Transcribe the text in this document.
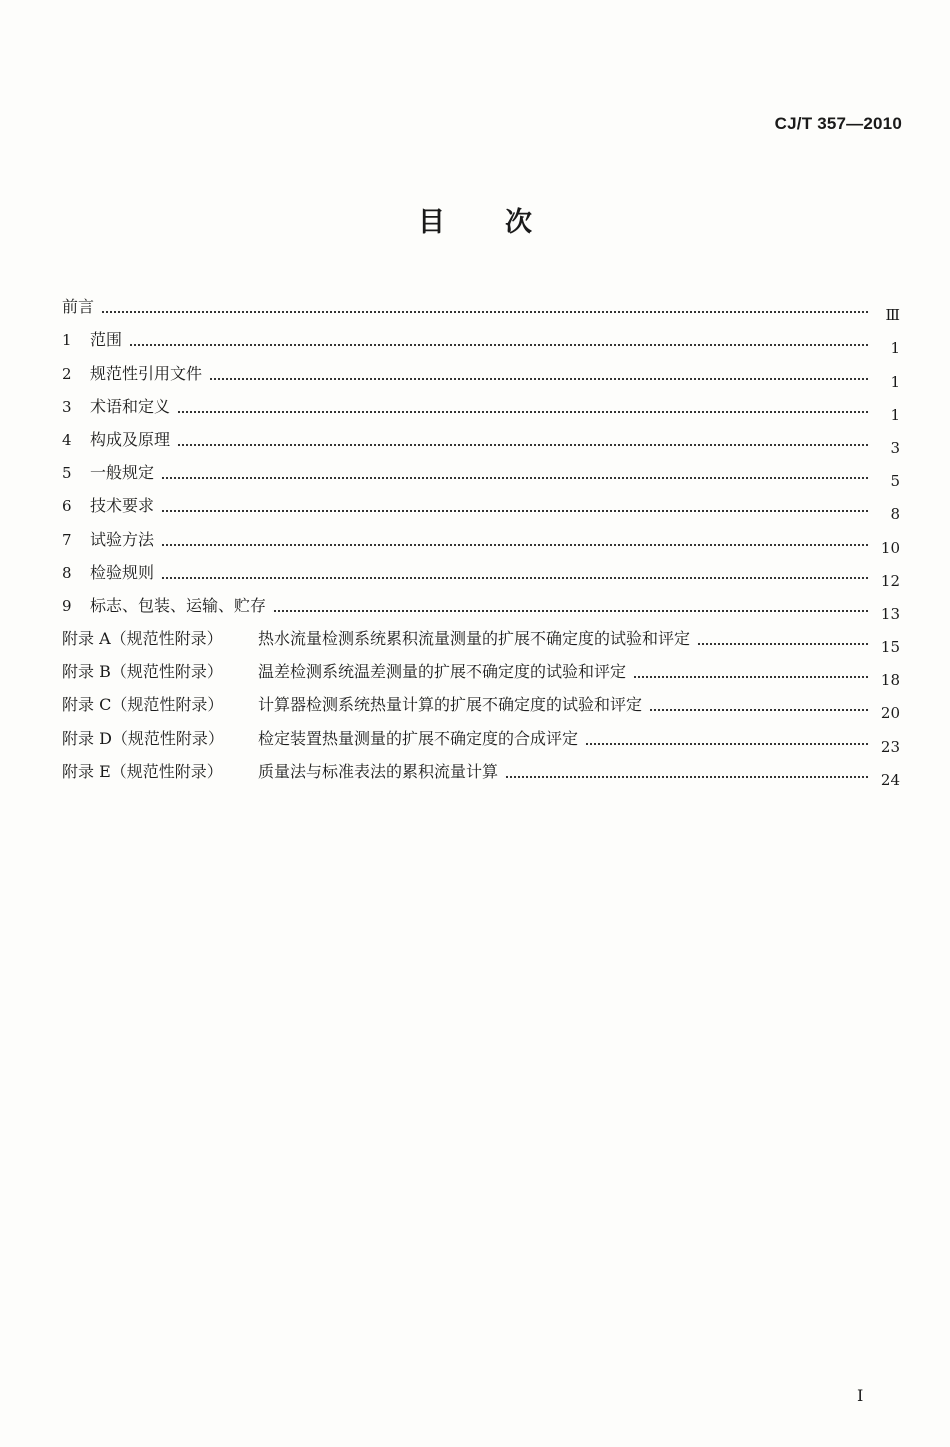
CJ/T 357—2010
目 次
前言	Ⅲ
1	范围	1
2	规范性引用文件	1
3	术语和定义	1
4	构成及原理	3
5	一般规定	5
6	技术要求	8
7	试验方法	10
8	检验规则	12
9	标志、包装、运输、贮存	13
附录 A（规范性附录）	热水流量检测系统累积流量测量的扩展不确定度的试验和评定	15
附录 B（规范性附录）	温差检测系统温差测量的扩展不确定度的试验和评定	18
附录 C（规范性附录）	计算器检测系统热量计算的扩展不确定度的试验和评定	20
附录 D（规范性附录）	检定装置热量测量的扩展不确定度的合成评定	23
附录 E（规范性附录）	质量法与标准表法的累积流量计算	24
I
